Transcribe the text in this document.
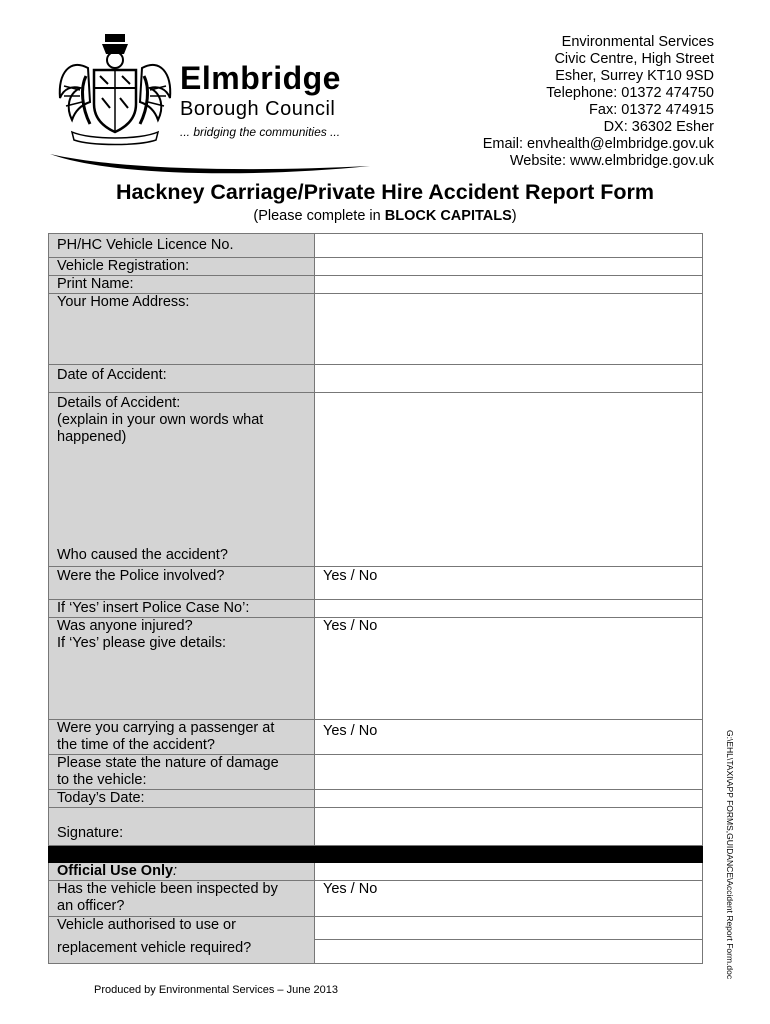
Elmbridge
Borough Council
... bridging the communities ...
Environmental Services
Civic Centre, High Street
Esher, Surrey KT10 9SD
Telephone: 01372 474750
Fax: 01372 474915
DX: 36302 Esher
Email: envhealth@elmbridge.gov.uk
Website: www.elmbridge.gov.uk
Hackney Carriage/Private Hire Accident Report Form
(Please complete in BLOCK CAPITALS)
PH/HC Vehicle Licence No.	

Vehicle Registration:	

Print Name:	

Your Home Address:	

Date of Accident:	

Details of Accident:
(explain in your own words what
happened)
Who caused the accident?	

Were the Police involved?	Yes / No

If ‘Yes’ insert Police Case No’:	

Was anyone injured?
If ‘Yes’ please give details:	Yes / No

Were you carrying a passenger at
the time of the accident?	Yes / No

Please state the nature of damage
to the vehicle:	

Today’s Date:	

Signature:	

Official Use Only:	

Has the vehicle been inspected by
an officer?	Yes / No

Vehicle authorised to use or	

replacement vehicle required?	

Produced by Environmental Services – June 2013
G:\EHL\TAXI\APP FORMS,GUIDANCE\Accident Report Form.doc
